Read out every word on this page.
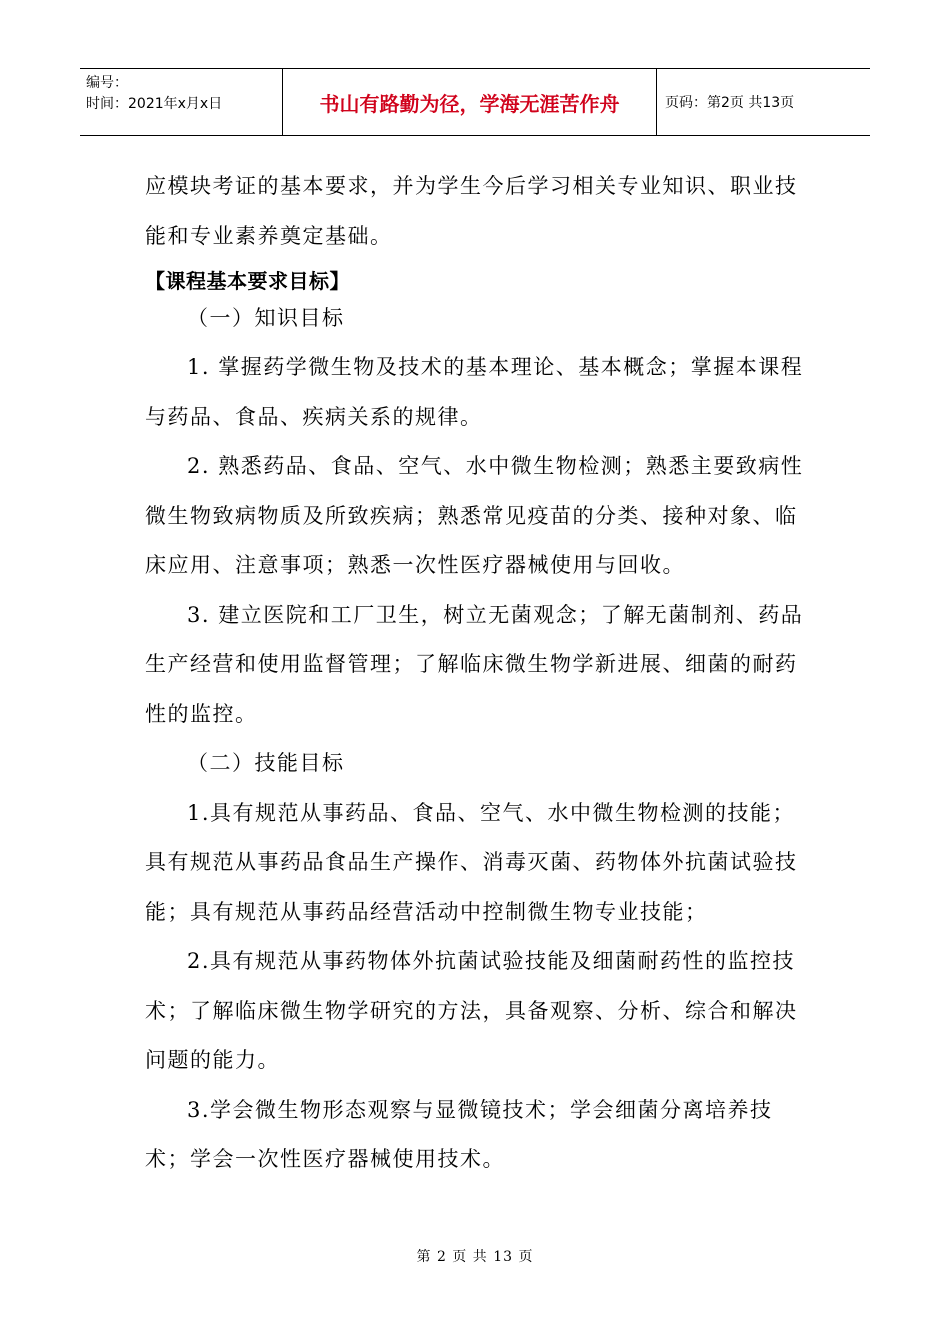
编号：
时间：2021年x月x日	书山有路勤为径，学海无涯苦作舟	页码：第2页 共13页

应模块考证的基本要求，并为学生今后学习相关专业知识、职业技能和专业素养奠定基础。

【课程基本要求目标】

（一）知识目标

1. 掌握药学微生物及技术的基本理论、基本概念；掌握本课程与药品、食品、疾病关系的规律。

2. 熟悉药品、食品、空气、水中微生物检测；熟悉主要致病性微生物致病物质及所致疾病；熟悉常见疫苗的分类、接种对象、临床应用、注意事项；熟悉一次性医疗器械使用与回收。

3. 建立医院和工厂卫生，树立无菌观念；了解无菌制剂、药品生产经营和使用监督管理；了解临床微生物学新进展、细菌的耐药性的监控。

（二）技能目标

1.具有规范从事药品、食品、空气、水中微生物检测的技能；具有规范从事药品食品生产操作、消毒灭菌、药物体外抗菌试验技能；具有规范从事药品经营活动中控制微生物专业技能；

2.具有规范从事药物体外抗菌试验技能及细菌耐药性的监控技术；了解临床微生物学研究的方法，具备观察、分析、综合和解决问题的能力。

3.学会微生物形态观察与显微镜技术；学会细菌分离培养技术；学会一次性医疗器械使用技术。

第 2 页 共 13 页
